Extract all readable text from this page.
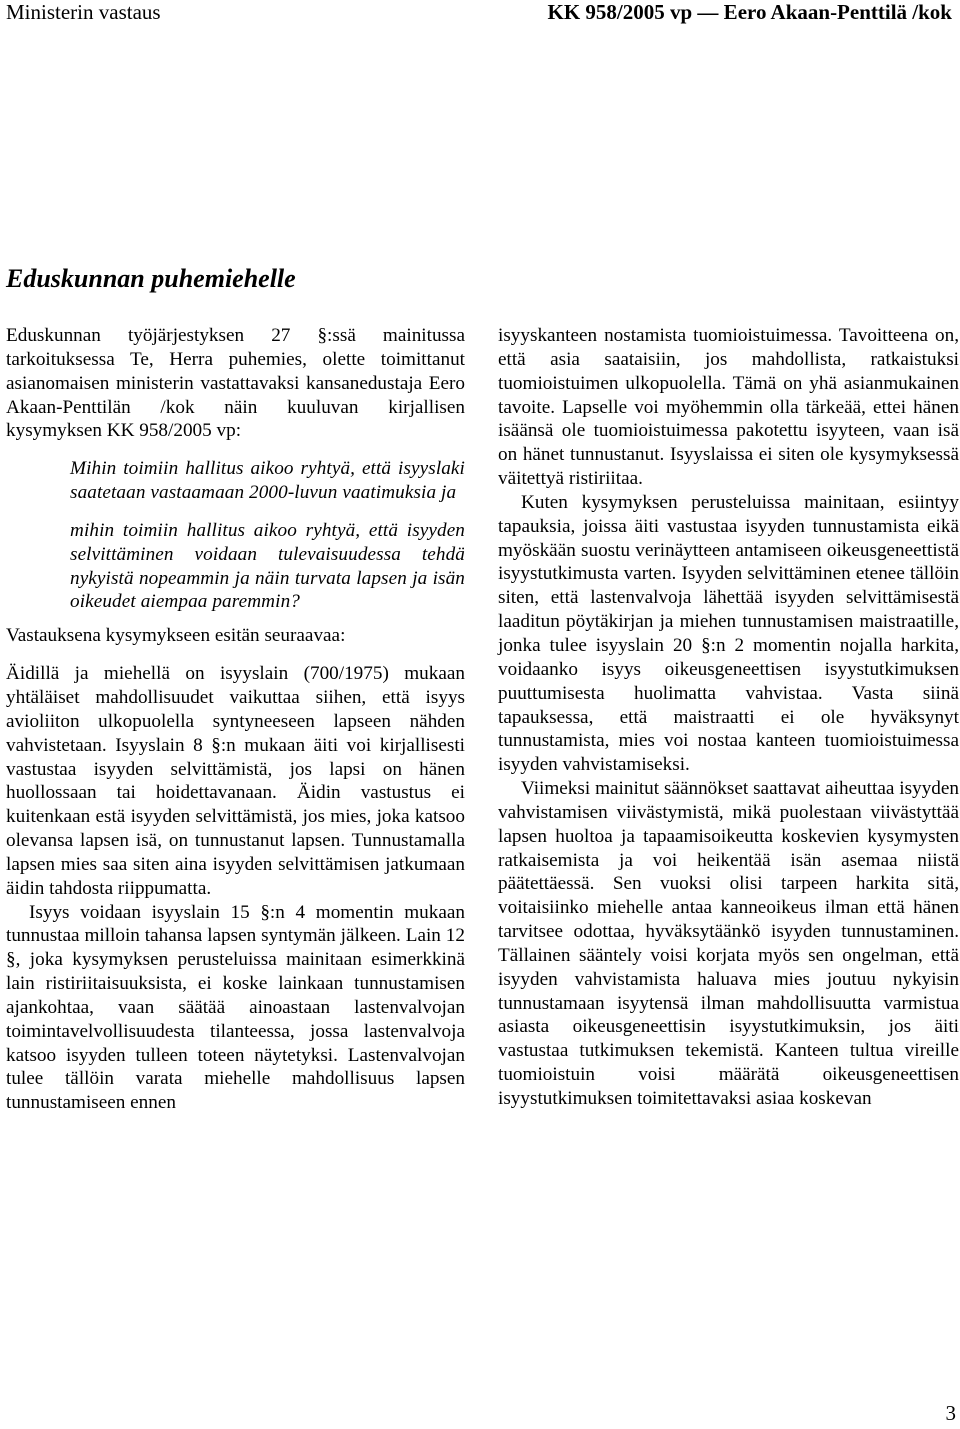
Ministerin vastaus	KK 958/2005 vp — Eero Akaan-Penttilä /kok
Eduskunnan puhemiehelle

Eduskunnan työjärjestyksen 27 §:ssä mainitussa tarkoituksessa Te, Herra puhemies, olette toimittanut asianomaisen ministerin vastattavaksi kansanedustaja Eero Akaan-Penttilän /kok näin kuuluvan kirjallisen kysymyksen KK 958/2005 vp:

Mihin toimiin hallitus aikoo ryhtyä, että isyyslaki saatetaan vastaamaan 2000-luvun vaatimuksia ja

mihin toimiin hallitus aikoo ryhtyä, että isyyden selvittäminen voidaan tulevaisuudessa tehdä nykyistä nopeammin ja näin turvata lapsen ja isän oikeudet aiempaa paremmin?

Vastauksena kysymykseen esitän seuraavaa:

Äidillä ja miehellä on isyyslain (700/1975) mukaan yhtäläiset mahdollisuudet vaikuttaa siihen, että isyys avioliiton ulkopuolella syntyneeseen lapseen nähden vahvistetaan. Isyyslain 8 §:n mukaan äiti voi kirjallisesti vastustaa isyyden selvittämistä, jos lapsi on hänen huollossaan tai hoidettavanaan. Äidin vastustus ei kuitenkaan estä isyyden selvittämistä, jos mies, joka katsoo olevansa lapsen isä, on tunnustanut lapsen. Tunnustamalla lapsen mies saa siten aina isyyden selvittämisen jatkumaan äidin tahdosta riippumatta.

Isyys voidaan isyyslain 15 §:n 4 momentin mukaan tunnustaa milloin tahansa lapsen syntymän jälkeen. Lain 12 §, joka kysymyksen perusteluissa mainitaan esimerkkinä lain ristiriitaisuuksista, ei koske lainkaan tunnustamisen ajankohtaa, vaan säätää ainoastaan lastenvalvojan toimintavelvollisuudesta tilanteessa, jossa lastenvalvoja katsoo isyyden tulleen toteen näytetyksi. Lastenvalvojan tulee tällöin varata miehelle mahdollisuus lapsen tunnustamiseen ennen

isyyskanteen nostamista tuomioistuimessa. Tavoitteena on, että asia saataisiin, jos mahdollista, ratkaistuksi tuomioistuimen ulkopuolella. Tämä on yhä asianmukainen tavoite. Lapselle voi myöhemmin olla tärkeää, ettei hänen isäänsä ole tuomioistuimessa pakotettu isyyteen, vaan isä on hänet tunnustanut. Isyyslaissa ei siten ole kysymyksessä väitettyä ristiriitaa.

Kuten kysymyksen perusteluissa mainitaan, esiintyy tapauksia, joissa äiti vastustaa isyyden tunnustamista eikä myöskään suostu verinäytteen antamiseen oikeusgeneettistä isyystutkimusta varten. Isyyden selvittäminen etenee tällöin siten, että lastenvalvoja lähettää isyyden selvittämisestä laaditun pöytäkirjan ja miehen tunnustamisen maistraatille, jonka tulee isyyslain 20 §:n 2 momentin nojalla harkita, voidaanko isyys oikeusgeneettisen isyystutkimuksen puuttumisesta huolimatta vahvistaa. Vasta siinä tapauksessa, että maistraatti ei ole hyväksynyt tunnustamista, mies voi nostaa kanteen tuomioistuimessa isyyden vahvistamiseksi.

Viimeksi mainitut säännökset saattavat aiheuttaa isyyden vahvistamisen viivästymistä, mikä puolestaan viivästyttää lapsen huoltoa ja tapaamisoikeutta koskevien kysymysten ratkaisemista ja voi heikentää isän asemaa niistä päätettäessä. Sen vuoksi olisi tarpeen harkita sitä, voitaisiinko miehelle antaa kanneoikeus ilman että hänen tarvitsee odottaa, hyväksytäänkö isyyden tunnustaminen. Tällainen sääntely voisi korjata myös sen ongelman, että isyyden vahvistamista haluava mies joutuu nykyisin tunnustamaan isyytensä ilman mahdollisuutta varmistua asiasta oikeusgeneettisin isyystutkimuksin, jos äiti vastustaa tutkimuksen tekemistä. Kanteen tultua vireille tuomioistuin voisi määrätä oikeusgeneettisen isyystutkimuksen toimitettavaksi asiaa koskevan

3
